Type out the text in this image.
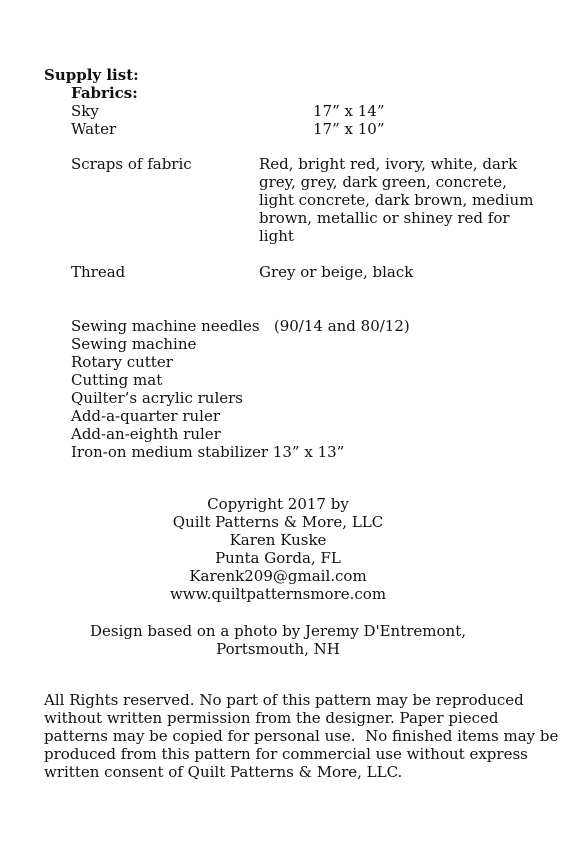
Supply list:
Fabrics:
Sky	17” x 14”
Water	17” x 10”
Scraps of fabric	Red, bright red, ivory, white, dark
grey, grey, dark green, concrete,
light concrete, dark brown, medium
brown, metallic or shiney red for
light
Thread	Grey or beige, black
Sewing machine needles   (90/14 and 80/12)
Sewing machine
Rotary cutter
Cutting mat
Quilter’s acrylic rulers
Add-a-quarter ruler
Add-an-eighth ruler
Iron-on medium stabilizer 13” x 13”
Copyright 2017 by
Quilt Patterns & More, LLC
Karen Kuske
Punta Gorda, FL
Karenk209@gmail.com
www.quiltpatternsmore.com
Design based on a photo by Jeremy D'Entremont,
Portsmouth, NH
All Rights reserved. No part of this pattern may be reproduced
without written permission from the designer. Paper pieced
patterns may be copied for personal use.  No finished items may be
produced from this pattern for commercial use without express
written consent of Quilt Patterns & More, LLC.
